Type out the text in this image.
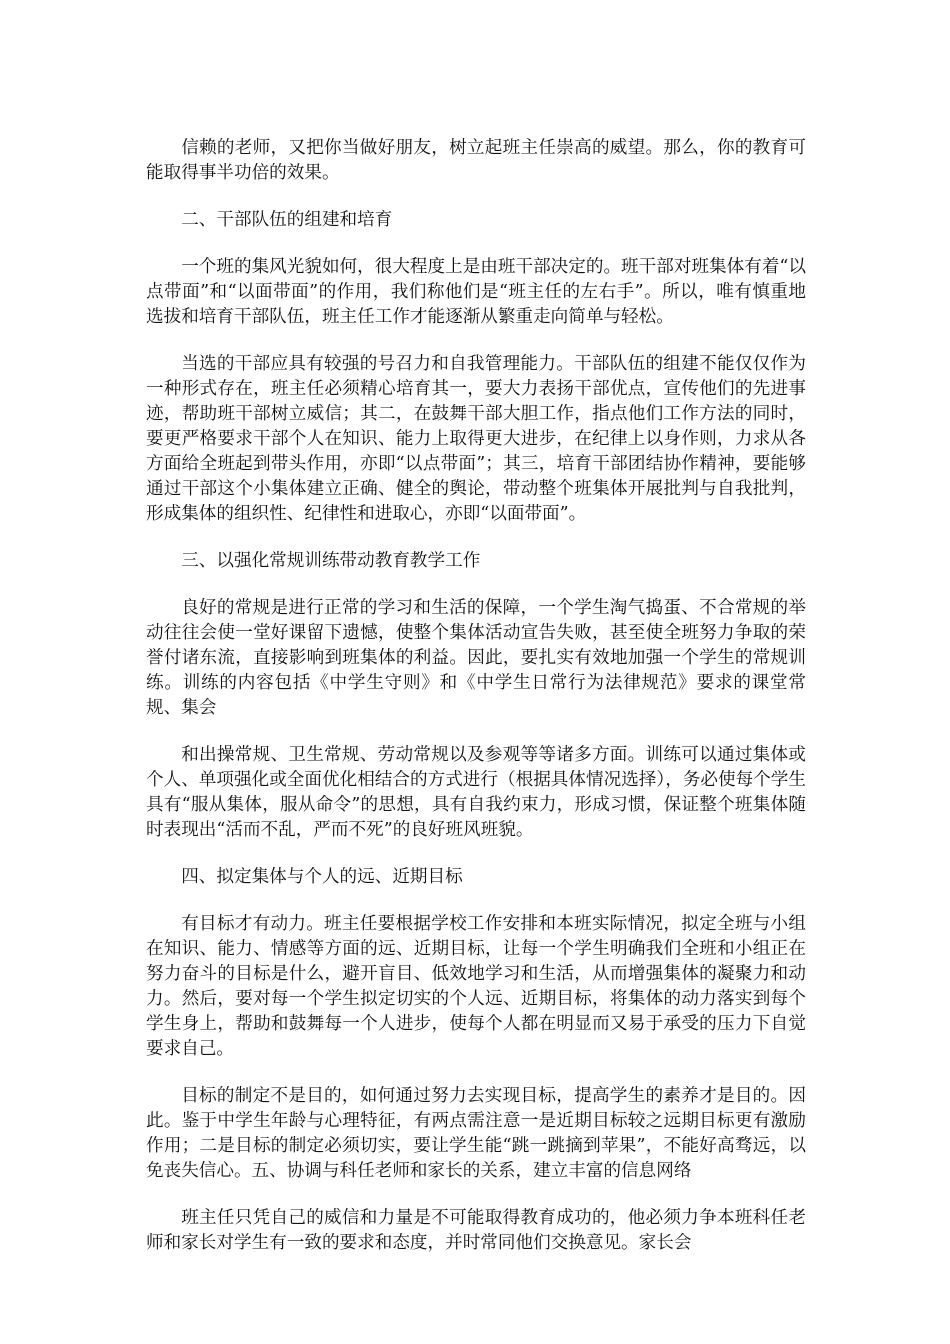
信赖的老师，又把你当做好朋友，树立起班主任崇高的威望。那么，你的教育可能取得事半功倍的效果。

二、干部队伍的组建和培育

一个班的集风光貌如何，很大程度上是由班干部决定的。班干部对班集体有着“以点带面”和“以面带面”的作用，我们称他们是“班主任的左右手”。所以，唯有慎重地选拔和培育干部队伍，班主任工作才能逐渐从繁重走向简单与轻松。

当选的干部应具有较强的号召力和自我管理能力。干部队伍的组建不能仅仅作为一种形式存在，班主任必须精心培育其一，要大力表扬干部优点，宣传他们的先进事迹，帮助班干部树立威信；其二，在鼓舞干部大胆工作，指点他们工作方法的同时，要更严格要求干部个人在知识、能力上取得更大进步，在纪律上以身作则，力求从各方面给全班起到带头作用，亦即“以点带面”；其三，培育干部团结协作精神，要能够通过干部这个小集体建立正确、健全的舆论，带动整个班集体开展批判与自我批判，形成集体的组织性、纪律性和进取心，亦即“以面带面”。

三、以强化常规训练带动教育教学工作

良好的常规是进行正常的学习和生活的保障，一个学生淘气捣蛋、不合常规的举动往往会使一堂好课留下遗憾，使整个集体活动宣告失败，甚至使全班努力争取的荣誉付诸东流，直接影响到班集体的利益。因此，要扎实有效地加强一个学生的常规训练。训练的内容包括《中学生守则》和《中学生日常行为法律规范》要求的课堂常规、集会

和出操常规、卫生常规、劳动常规以及参观等等诸多方面。训练可以通过集体或个人、单项强化或全面优化相结合的方式进行（根据具体情况选择），务必使每个学生具有“服从集体，服从命令”的思想，具有自我约束力，形成习惯，保证整个班集体随时表现出“活而不乱，严而不死”的良好班风班貌。

四、拟定集体与个人的远、近期目标

有目标才有动力。班主任要根据学校工作安排和本班实际情况，拟定全班与小组在知识、能力、情感等方面的远、近期目标，让每一个学生明确我们全班和小组正在努力奋斗的目标是什么，避开盲目、低效地学习和生活，从而增强集体的凝聚力和动力。然后，要对每一个学生拟定切实的个人远、近期目标，将集体的动力落实到每个学生身上，帮助和鼓舞每一个人进步，使每个人都在明显而又易于承受的压力下自觉要求自己。

目标的制定不是目的，如何通过努力去实现目标，提高学生的素养才是目的。因此。鉴于中学生年龄与心理特征，有两点需注意一是近期目标较之远期目标更有激励作用；二是目标的制定必须切实，要让学生能“跳一跳摘到苹果”，不能好高骛远，以免丧失信心。五、协调与科任老师和家长的关系，建立丰富的信息网络

班主任只凭自己的威信和力量是不可能取得教育成功的，他必须力争本班科任老师和家长对学生有一致的要求和态度，并时常同他们交换意见。家长会
